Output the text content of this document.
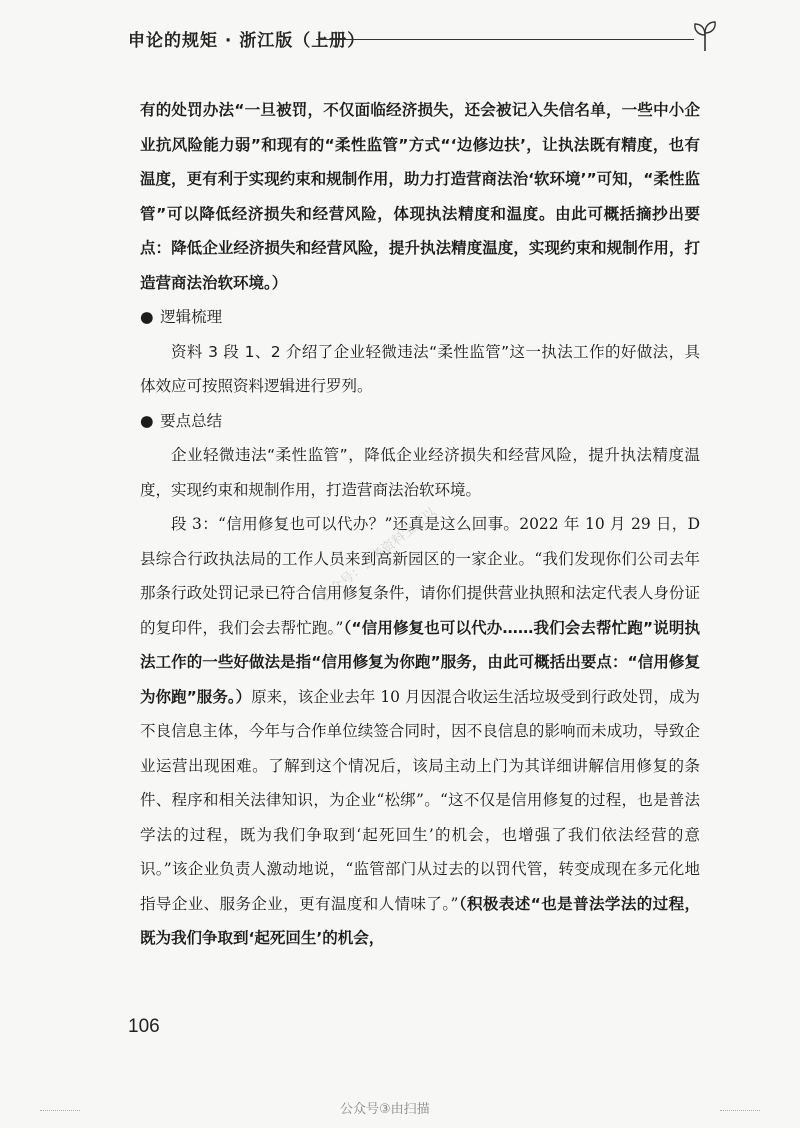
申论的规矩 · 浙江版（上册）

有的处罚办法“一旦被罚，不仅面临经济损失，还会被记入失信名单，一些中小企业抗风险能力弱”和现有的“柔性监管”方式“‘边修边扶’，让执法既有精度，也有温度，更有利于实现约束和规制作用，助力打造营商法治‘软环境’”可知，“柔性监管”可以降低经济损失和经营风险，体现执法精度和温度。由此可概括摘抄出要点：降低企业经济损失和经营风险，提升执法精度温度，实现约束和规制作用，打造营商法治软环境。）

● 逻辑梳理

资料 3 段 1、2 介绍了企业轻微违法“柔性监管”这一执法工作的好做法，具体效应可按照资料逻辑进行罗列。

● 要点总结

企业轻微违法“柔性监管”，降低企业经济损失和经营风险，提升执法精度温度，实现约束和规制作用，打造营商法治软环境。

段 3：“信用修复也可以代办？”还真是这么回事。2022 年 10 月 29 日，D 县综合行政执法局的工作人员来到高新园区的一家企业。“我们发现你们公司去年那条行政处罚记录已符合信用修复条件，请你们提供营业执照和法定代表人身份证的复印件，我们会去帮忙跑。”（“信用修复也可以代办……我们会去帮忙跑”说明执法工作的一些好做法是指“信用修复为你跑”服务，由此可概括出要点：“信用修复为你跑”服务。）原来，该企业去年 10 月因混合收运生活垃圾受到行政处罚，成为不良信息主体，今年与合作单位续签合同时，因不良信息的影响而未成功，导致企业运营出现困难。了解到这个情况后，该局主动上门为其详细讲解信用修复的条件、程序和相关法律知识，为企业“松绑”。“这不仅是信用修复的过程，也是普法学法的过程，既为我们争取到‘起死回生’的机会，也增强了我们依法经营的意识。”该企业负责人激动地说，“监管部门从过去的以罚代管，转变成现在多元化地指导企业、服务企业，更有温度和人情味了。”（积极表述“也是普法学法的过程，既为我们争取到‘起死回生’的机会，

公众号：公考资料宝可以
106
公众号③由扫描
